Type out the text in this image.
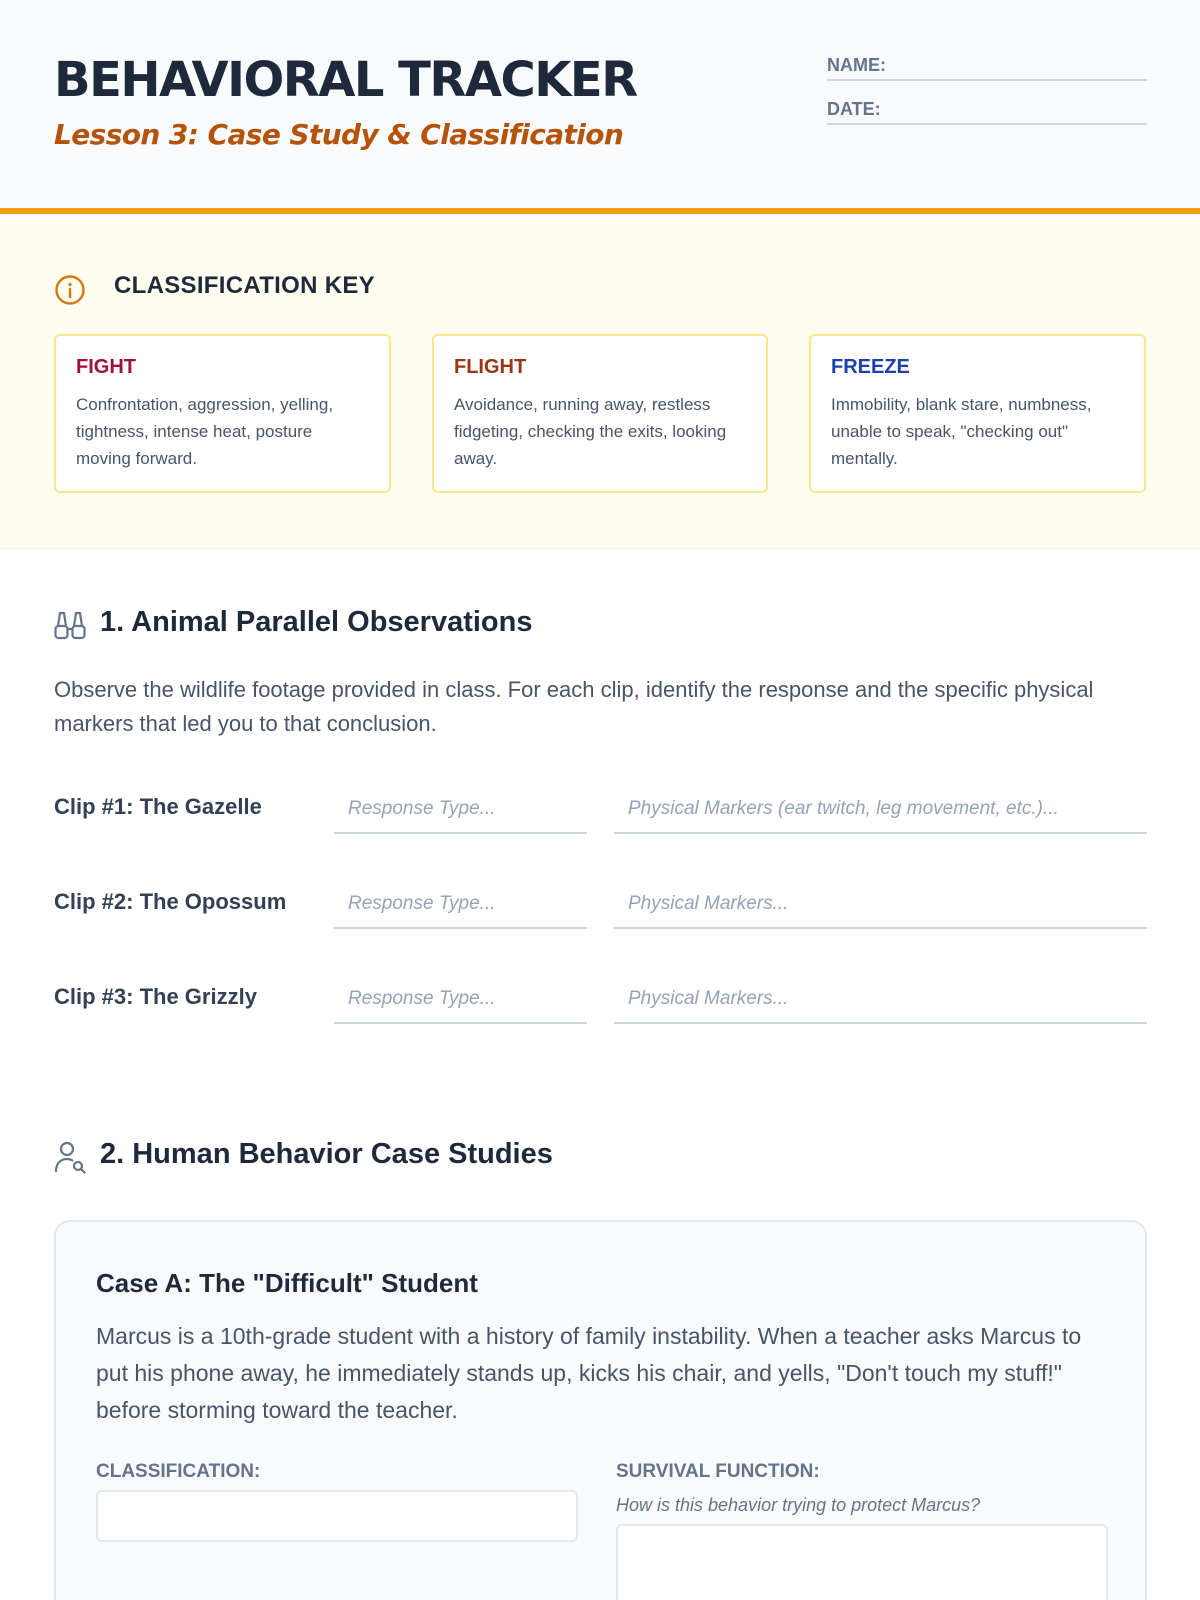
BEHAVIORAL TRACKER
Lesson 3: Case Study & Classification
NAME:
DATE:
CLASSIFICATION KEY
FIGHT
Confrontation, aggression, yelling, tightness, intense heat, posture moving forward.
FLIGHT
Avoidance, running away, restless fidgeting, checking the exits, looking away.
FREEZE
Immobility, blank stare, numbness, unable to speak, "checking out" mentally.
1. Animal Parallel Observations
Observe the wildlife footage provided in class. For each clip, identify the response and the specific physical markers that led you to that conclusion.
Clip #1: The Gazelle
Response Type...
Physical Markers (ear twitch, leg movement, etc.)...
Clip #2: The Opossum
Response Type...
Physical Markers...
Clip #3: The Grizzly
Response Type...
Physical Markers...
2. Human Behavior Case Studies
Case A: The "Difficult" Student
Marcus is a 10th-grade student with a history of family instability. When a teacher asks Marcus to put his phone away, he immediately stands up, kicks his chair, and yells, "Don't touch my stuff!" before storming toward the teacher.
CLASSIFICATION:	SURVIVAL FUNCTION:
How is this behavior trying to protect Marcus?
